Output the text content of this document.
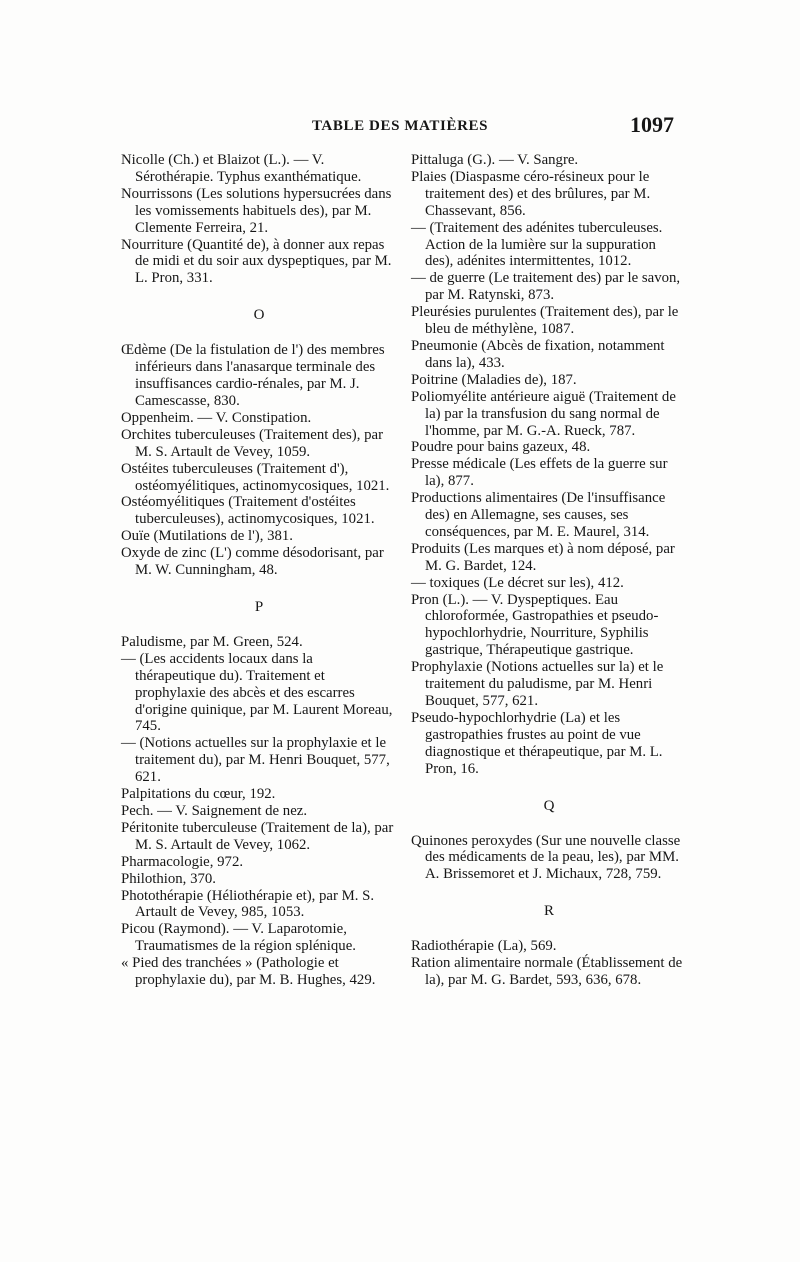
TABLE DES MATIÈRES	1097

Nicolle (Ch.) et Blaizot (L.). — V. Sérothérapie. Typhus exanthématique.

Nourrissons (Les solutions hypersucrées dans les vomissements habituels des), par M. Clemente Ferreira, 21.

Nourriture (Quantité de), à donner aux repas de midi et du soir aux dyspeptiques, par M. L. Pron, 331.

O

Œdème (De la fistulation de l') des membres inférieurs dans l'anasarque terminale des insuffisances cardio-rénales, par M. J. Camescasse, 830.

Oppenheim. — V. Constipation.

Orchites tuberculeuses (Traitement des), par M. S. Artault de Vevey, 1059.

Ostéites tuberculeuses (Traitement d'), ostéomyélitiques, actinomycosiques, 1021.

Ostéomyélitiques (Traitement d'ostéites tuberculeuses), actinomycosiques, 1021.

Ouïe (Mutilations de l'), 381.

Oxyde de zinc (L') comme désodorisant, par M. W. Cunningham, 48.

P

Paludisme, par M. Green, 524.

— (Les accidents locaux dans la thérapeutique du). Traitement et prophylaxie des abcès et des escarres d'origine quinique, par M. Laurent Moreau, 745.

— (Notions actuelles sur la prophylaxie et le traitement du), par M. Henri Bouquet, 577, 621.

Palpitations du cœur, 192.

Pech. — V. Saignement de nez.

Péritonite tuberculeuse (Traitement de la), par M. S. Artault de Vevey, 1062.

Pharmacologie, 972.

Philothion, 370.

Photothérapie (Héliothérapie et), par M. S. Artault de Vevey, 985, 1053.

Picou (Raymond). — V. Laparotomie, Traumatismes de la région splénique.

« Pied des tranchées » (Pathologie et prophylaxie du), par M. B. Hughes, 429.

Pittaluga (G.). — V. Sangre.

Plaies (Diaspasme céro-résineux pour le traitement des) et des brûlures, par M. Chassevant, 856.

— (Traitement des adénites tuberculeuses. Action de la lumière sur la suppuration des), adénites intermittentes, 1012.

— de guerre (Le traitement des) par le savon, par M. Ratynski, 873.

Pleurésies purulentes (Traitement des), par le bleu de méthylène, 1087.

Pneumonie (Abcès de fixation, notamment dans la), 433.

Poitrine (Maladies de), 187.

Poliomyélite antérieure aiguë (Traitement de la) par la transfusion du sang normal de l'homme, par M. G.-A. Rueck, 787.

Poudre pour bains gazeux, 48.

Presse médicale (Les effets de la guerre sur la), 877.

Productions alimentaires (De l'insuffisance des) en Allemagne, ses causes, ses conséquences, par M. E. Maurel, 314.

Produits (Les marques et) à nom déposé, par M. G. Bardet, 124.

— toxiques (Le décret sur les), 412.

Pron (L.). — V. Dyspeptiques. Eau chloroformée, Gastropathies et pseudo-hypochlorhydrie, Nourriture, Syphilis gastrique, Thérapeutique gastrique.

Prophylaxie (Notions actuelles sur la) et le traitement du paludisme, par M. Henri Bouquet, 577, 621.

Pseudo-hypochlorhydrie (La) et les gastropathies frustes au point de vue diagnostique et thérapeutique, par M. L. Pron, 16.

Q

Quinones peroxydes (Sur une nouvelle classe des médicaments de la peau, les), par MM. A. Brissemoret et J. Michaux, 728, 759.

R

Radiothérapie (La), 569.

Ration alimentaire normale (Établissement de la), par M. G. Bardet, 593, 636, 678.
